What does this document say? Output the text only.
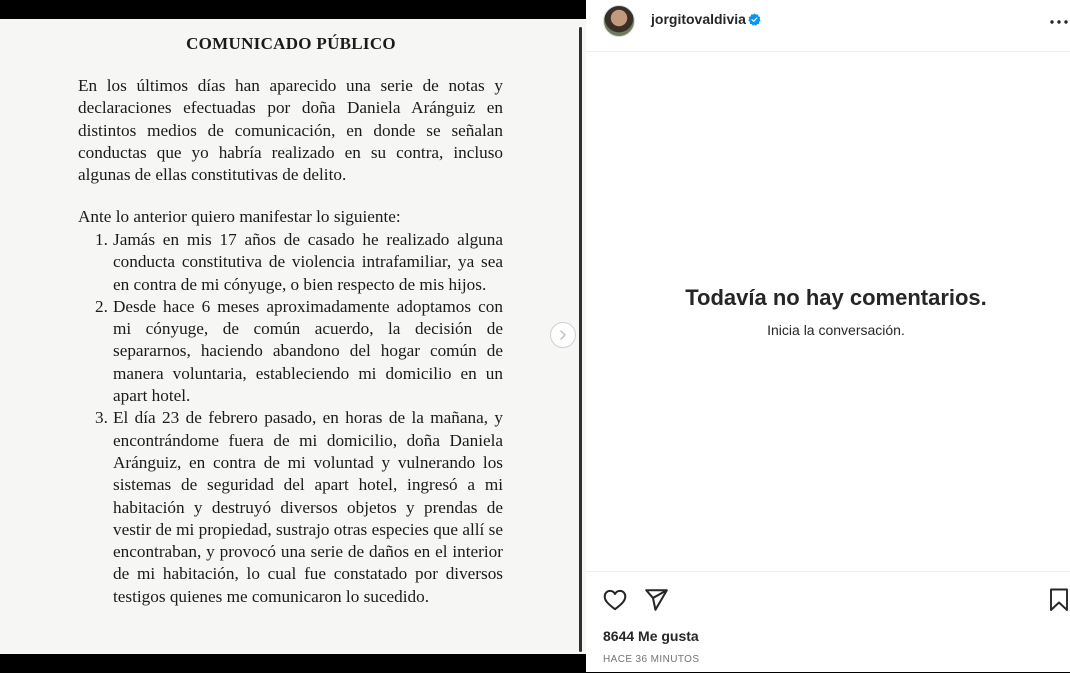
COMUNICADO PÚBLICO

En los últimos días han aparecido una serie de notas y declaraciones efectuadas por doña Daniela Aránguiz en distintos medios de comunicación, en donde se señalan conductas que yo habría realizado en su contra, incluso algunas de ellas constitutivas de delito.

Ante lo anterior quiero manifestar lo siguiente:

1. Jamás en mis 17 años de casado he realizado alguna conducta constitutiva de violencia intrafamiliar, ya sea en contra de mi cónyuge, o bien respecto de mis hijos.
2. Desde hace 6 meses aproximadamente adoptamos con mi cónyuge, de común acuerdo, la decisión de separarnos, haciendo abandono del hogar común de manera voluntaria, estableciendo mi domicilio en un apart hotel.
3. El día 23 de febrero pasado, en horas de la mañana, y encontrándome fuera de mi domicilio, doña Daniela Aránguiz, en contra de mi voluntad y vulnerando los sistemas de seguridad del apart hotel, ingresó a mi habitación y destruyó diversos objetos y prendas de vestir de mi propiedad, sustrajo otras especies que allí se encontraban, y provocó una serie de daños en el interior de mi habitación, lo cual fue constatado por diversos testigos quienes me comunicaron lo sucedido.
jorgitovaldivia
Todavía no hay comentarios.
Inicia la conversación.
8644 Me gusta
HACE 36 MINUTOS
